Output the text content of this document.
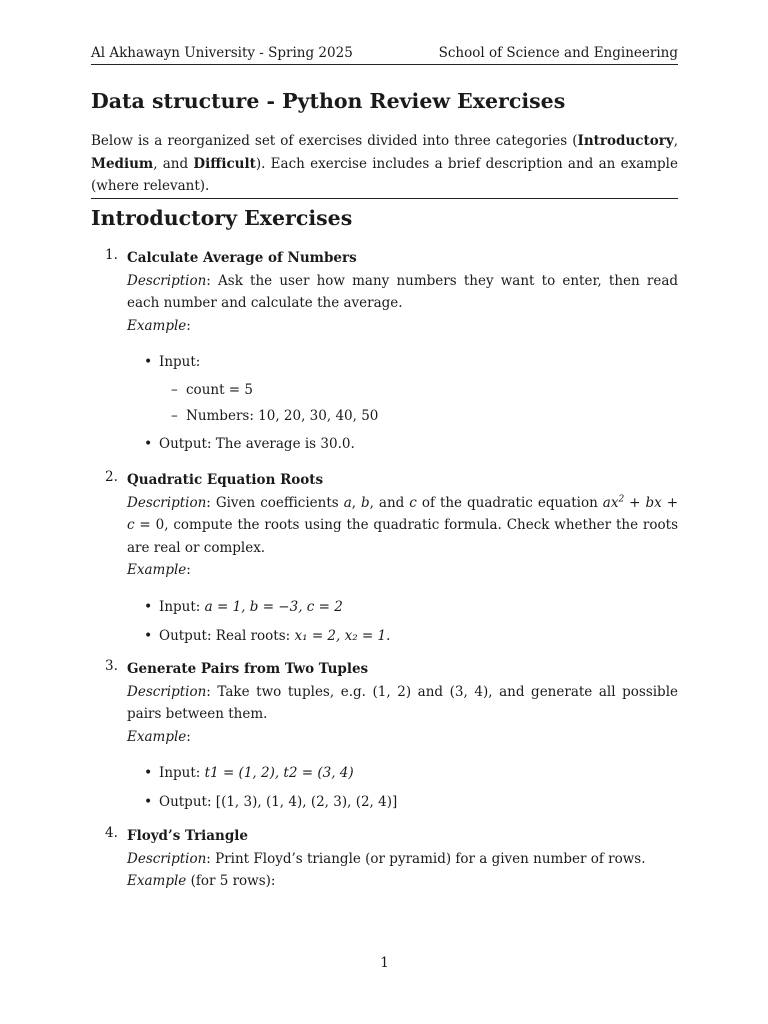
Al Akhawayn University - Spring 2025	School of Science and Engineering
Data structure - Python Review Exercises
Below is a reorganized set of exercises divided into three categories (Introductory, Medium, and Difficult). Each exercise includes a brief description and an example (where relevant).
Introductory Exercises
1. Calculate Average of Numbers
Description: Ask the user how many numbers they want to enter, then read each number and calculate the average.
Example:
• Input:
– count = 5
– Numbers: 10, 20, 30, 40, 50
• Output: The average is 30.0.
2. Quadratic Equation Roots
Description: Given coefficients a, b, and c of the quadratic equation $ax^2$ + bx + c = 0, compute the roots using the quadratic formula. Check whether the roots are real or complex.
Example:
• Input: a = 1, b = −3, c = 2
• Output: Real roots: x₁ = 2, x₂ = 1.
3. Generate Pairs from Two Tuples
Description: Take two tuples, e.g. (1, 2) and (3, 4), and generate all possible pairs between them.
Example:
• Input: t1 = (1, 2), t2 = (3, 4)
• Output: [(1, 3), (1, 4), (2, 3), (2, 4)]
4. Floyd’s Triangle
Description: Print Floyd’s triangle (or pyramid) for a given number of rows.
Example (for 5 rows):
1
